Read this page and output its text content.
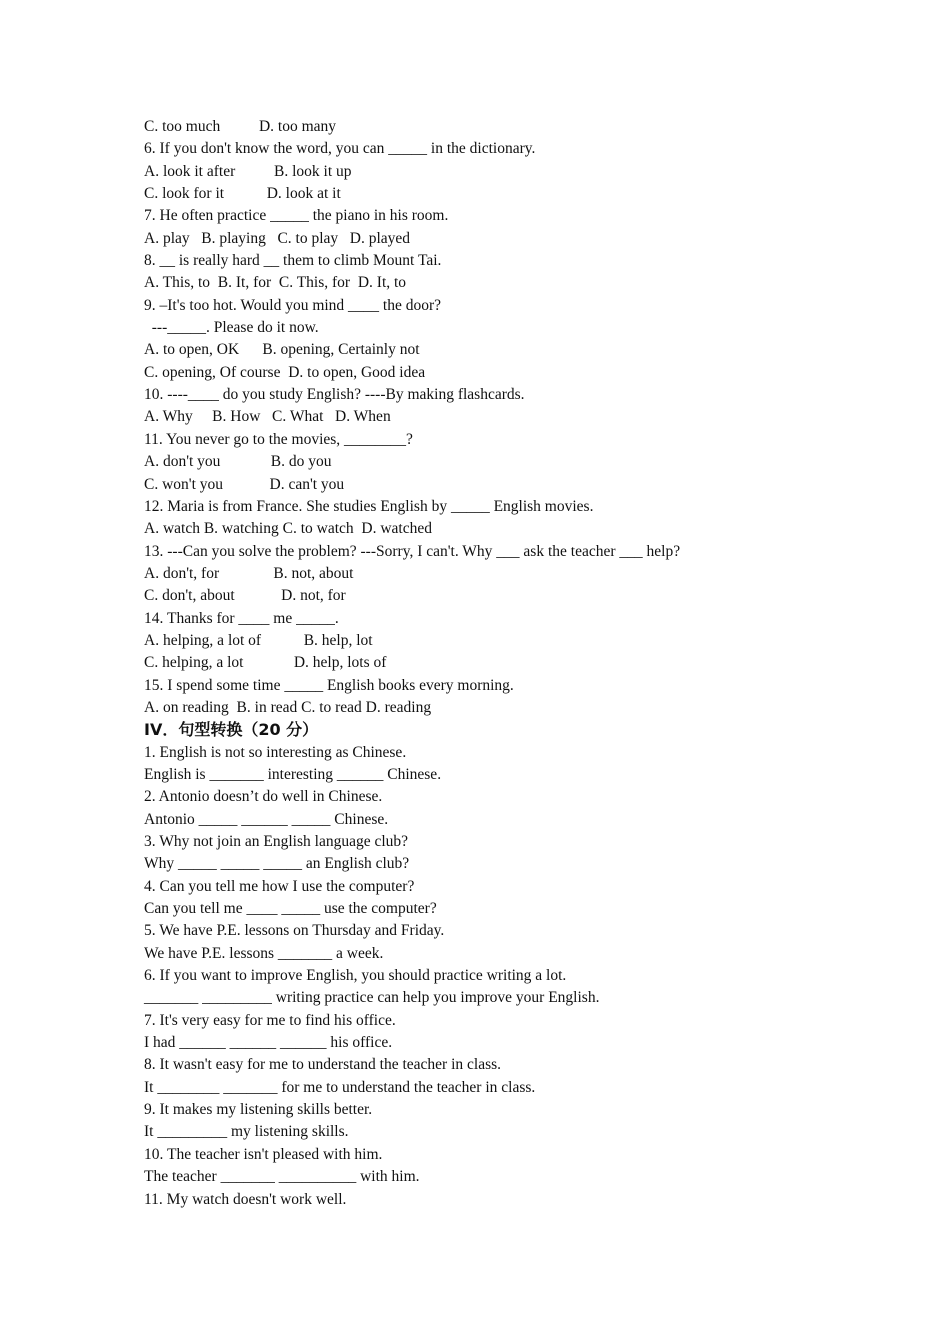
C. too much          D. too many
6. If you don't know the word, you can _____ in the dictionary.
A. look it after          B. look it up
C. look for it           D. look at it
7. He often practice _____ the piano in his room.
A. play   B. playing   C. to play   D. played
8. __ is really hard __ them to climb Mount Tai.
A. This, to  B. It, for  C. This, for  D. It, to
9. –It's too hot. Would you mind ____ the door?
---_____. Please do it now.
A. to open, OK      B. opening, Certainly not
C. opening, Of course  D. to open, Good idea
10. ----____ do you study English? ----By making flashcards.
A. Why     B. How   C. What   D. When
11. You never go to the movies, ________?
A. don't you             B. do you
C. won't you            D. can't you
12. Maria is from France. She studies English by _____ English movies.
A. watch B. watching C. to watch  D. watched
13. ---Can you solve the problem? ---Sorry, I can't. Why ___ ask the teacher ___ help?
A. don't, for              B. not, about
C. don't, about            D. not, for
14. Thanks for ____ me _____.
A. helping, a lot of           B. help, lot
C. helping, a lot             D. help, lots of
15. I spend some time _____ English books every morning.
A. on reading  B. in read C. to read D. reading
IV．句型转换（20 分）
1. English is not so interesting as Chinese.
English is _______ interesting ______ Chinese.
2. Antonio doesn’t do well in Chinese.
Antonio _____ ______ _____ Chinese.
3. Why not join an English language club?
Why _____ _____ _____ an English club?
4. Can you tell me how I use the computer?
Can you tell me ____ _____ use the computer?
5. We have P.E. lessons on Thursday and Friday.
We have P.E. lessons _______ a week.
6. If you want to improve English, you should practice writing a lot.
_______ _________ writing practice can help you improve your English.
7. It's very easy for me to find his office.
I had ______ ______ ______ his office.
8. It wasn't easy for me to understand the teacher in class.
It ________ _______ for me to understand the teacher in class.
9. It makes my listening skills better.
It _________ my listening skills.
10. The teacher isn't pleased with him.
The teacher _______ __________ with him.
11. My watch doesn't work well.
